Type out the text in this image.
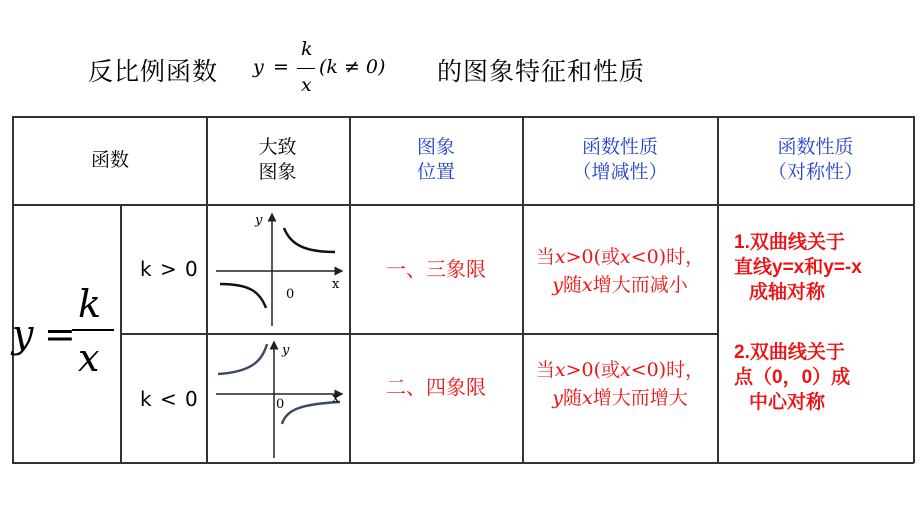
反比例函数 y =
k
x
(k ≠ 0) 的图象特征和性质
函数
大致
图象
图象
位置
函数性质
（增减性）
函数性质
（对称性）
y =
k
x
k > 0
k < 0
y
x
0
y
x
0
一、三象限
二、四象限
当x>0(或x<0)时，
y随x增大而减小
当x>0(或x<0)时，
y随x增大而增大
1.双曲线关于
直线y=x和y=-x
成轴对称
2.双曲线关于
点（0，0）成
中心对称
